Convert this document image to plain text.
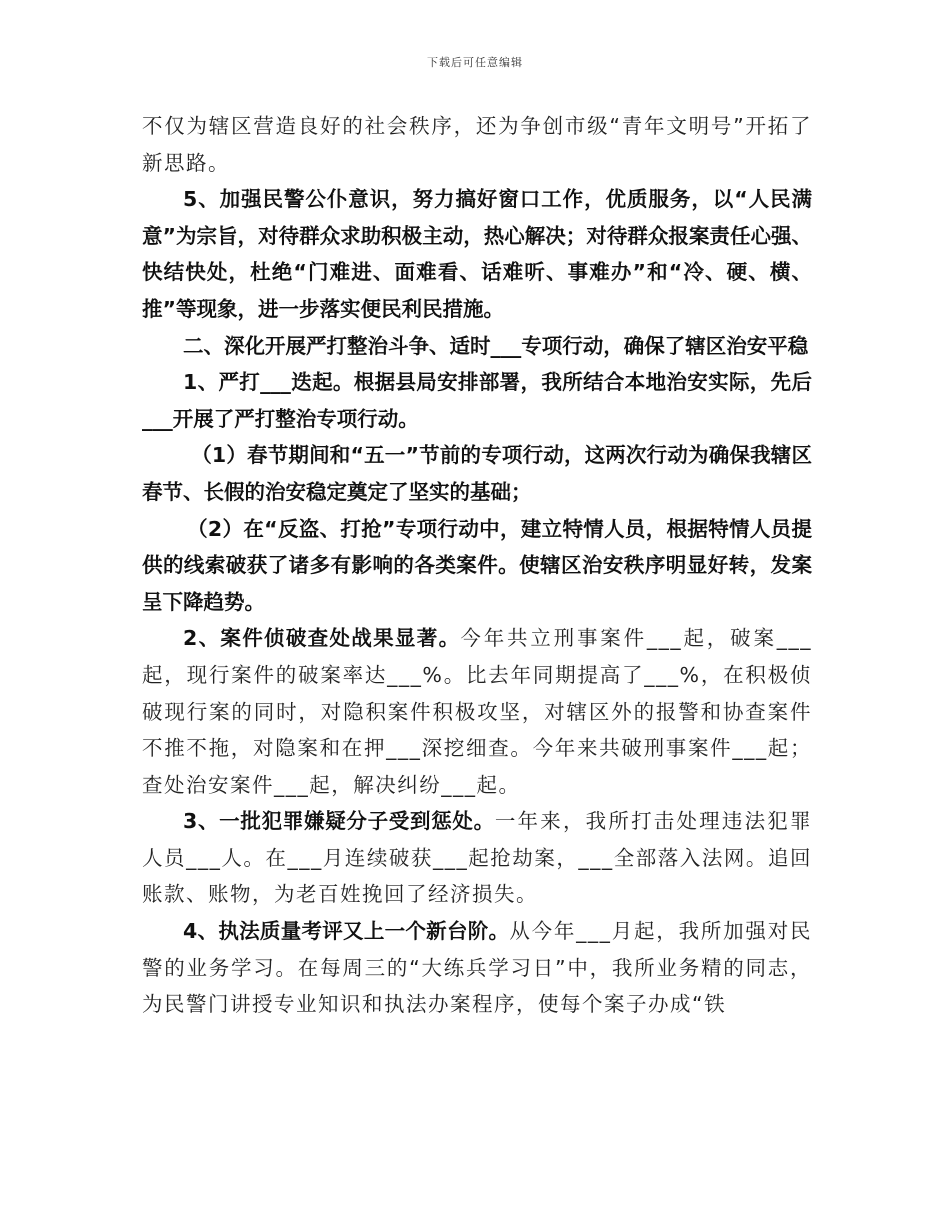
下载后可任意编辑

不仅为辖区营造良好的社会秩序，还为争创市级“青年文明号”开拓了新思路。

5、加强民警公仆意识，努力搞好窗口工作，优质服务，以“人民满意”为宗旨，对待群众求助积极主动，热心解决；对待群众报案责任心强、快结快处，杜绝“门难进、面难看、话难听、事难办”和“冷、硬、横、推”等现象，进一步落实便民利民措施。

二、深化开展严打整治斗争、适时___专项行动，确保了辖区治安平稳

1、严打___迭起。根据县局安排部署，我所结合本地治安实际，先后___开展了严打整治专项行动。

（1）春节期间和“五一”节前的专项行动，这两次行动为确保我辖区春节、长假的治安稳定奠定了坚实的基础；

（2）在“反盗、打抢”专项行动中，建立特情人员，根据特情人员提供的线索破获了诸多有影响的各类案件。使辖区治安秩序明显好转，发案呈下降趋势。

2、案件侦破查处战果显著。今年共立刑事案件___起，破案___起，现行案件的破案率达___%。比去年同期提高了___%，在积极侦破现行案的同时，对隐积案件积极攻坚，对辖区外的报警和协查案件不推不拖，对隐案和在押___深挖细查。今年来共破刑事案件___起；查处治安案件___起，解决纠纷___起。

3、一批犯罪嫌疑分子受到惩处。一年来，我所打击处理违法犯罪人员___人。在___月连续破获___起抢劫案，___全部落入法网。追回账款、账物，为老百姓挽回了经济损失。

4、执法质量考评又上一个新台阶。从今年___月起，我所加强对民警的业务学习。在每周三的“大练兵学习日”中，我所业务精的同志，为民警门讲授专业知识和执法办案程序，使每个案子办成“铁
